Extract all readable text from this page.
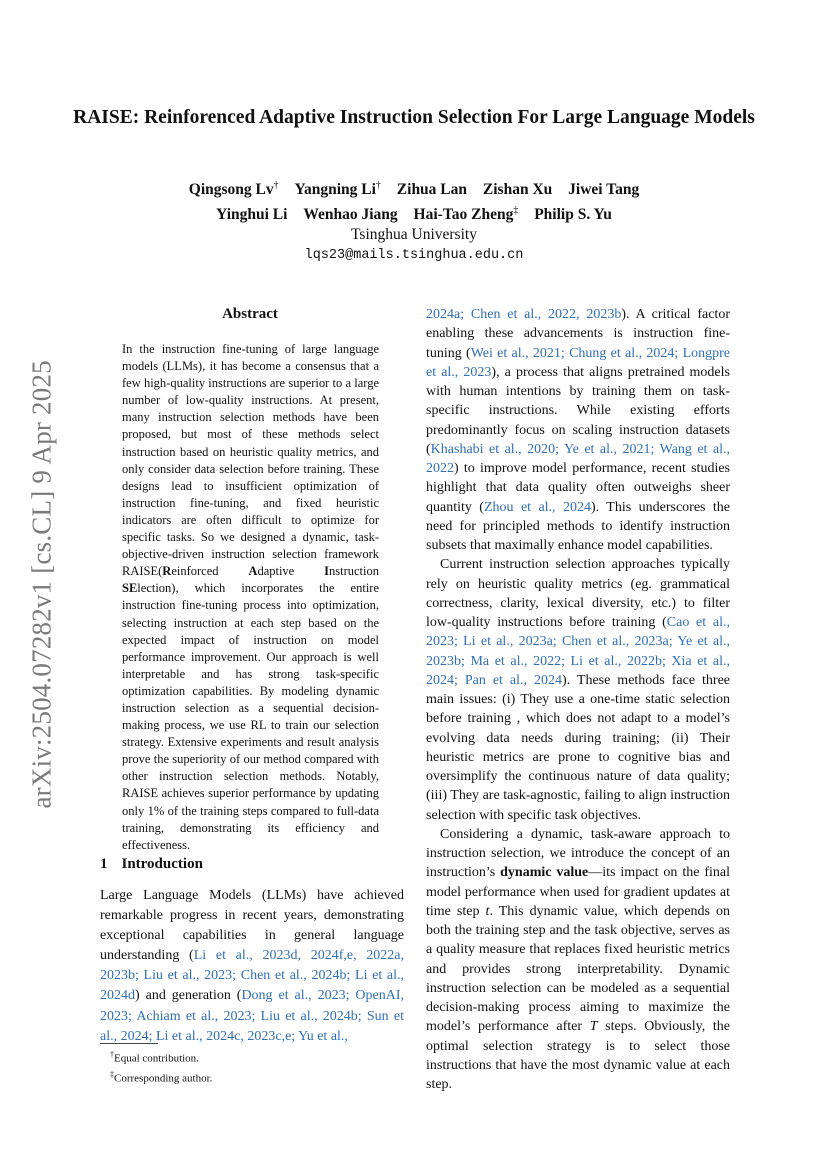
arXiv:2504.07282v1 [cs.CL] 9 Apr 2025
RAISE: Reinforenced Adaptive Instruction Selection For Large Language Models
Qingsong Lv† Yangning Li† Zihua Lan Zishan Xu Jiwei Tang
Yinghui Li Wenhao Jiang Hai-Tao Zheng‡ Philip S. Yu
Tsinghua University
lqs23@mails.tsinghua.edu.cn
Abstract

In the instruction fine-tuning of large language models (LLMs), it has become a consensus that a few high-quality instructions are superior to a large number of low-quality instructions. At present, many instruction selection methods have been proposed, but most of these methods select instruction based on heuristic quality metrics, and only consider data selection before training. These designs lead to insufficient optimization of instruction fine-tuning, and fixed heuristic indicators are often difficult to optimize for specific tasks. So we designed a dynamic, task-objective-driven instruction selection framework RAISE(Reinforced Adaptive Instruction SElection), which incorporates the entire instruction fine-tuning process into optimization, selecting instruction at each step based on the expected impact of instruction on model performance improvement. Our approach is well interpretable and has strong task-specific optimization capabilities. By modeling dynamic instruction selection as a sequential decision-making process, we use RL to train our selection strategy. Extensive experiments and result analysis prove the superiority of our method compared with other instruction selection methods. Notably, RAISE achieves superior performance by updating only 1% of the training steps compared to full-data training, demonstrating its efficiency and effectiveness.

1 Introduction

Large Language Models (LLMs) have achieved remarkable progress in recent years, demonstrating exceptional capabilities in general language understanding (Li et al., 2023d, 2024f,e, 2022a, 2023b; Liu et al., 2023; Chen et al., 2024b; Li et al., 2024d) and generation (Dong et al., 2023; OpenAI, 2023; Achiam et al., 2023; Liu et al., 2024b; Sun et al., 2024; Li et al., 2024c, 2023c,e; Yu et al.,

†Equal contribution.
‡Corresponding author.

2024a; Chen et al., 2022, 2023b). A critical factor enabling these advancements is instruction fine-tuning (Wei et al., 2021; Chung et al., 2024; Longpre et al., 2023), a process that aligns pretrained models with human intentions by training them on task-specific instructions. While existing efforts predominantly focus on scaling instruction datasets (Khashabi et al., 2020; Ye et al., 2021; Wang et al., 2022) to improve model performance, recent studies highlight that data quality often outweighs sheer quantity (Zhou et al., 2024). This underscores the need for principled methods to identify instruction subsets that maximally enhance model capabilities.

Current instruction selection approaches typically rely on heuristic quality metrics (eg. grammatical correctness, clarity, lexical diversity, etc.) to filter low-quality instructions before training (Cao et al., 2023; Li et al., 2023a; Chen et al., 2023a; Ye et al., 2023b; Ma et al., 2022; Li et al., 2022b; Xia et al., 2024; Pan et al., 2024). These methods face three main issues: (i) They use a one-time static selection before training , which does not adapt to a model’s evolving data needs during training; (ii) Their heuristic metrics are prone to cognitive bias and oversimplify the continuous nature of data quality; (iii) They are task-agnostic, failing to align instruction selection with specific task objectives.

Considering a dynamic, task-aware approach to instruction selection, we introduce the concept of an instruction’s dynamic value—its impact on the final model performance when used for gradient updates at time step t. This dynamic value, which depends on both the training step and the task objective, serves as a quality measure that replaces fixed heuristic metrics and provides strong interpretability. Dynamic instruction selection can be modeled as a sequential decision-making process aiming to maximize the model’s performance after T steps. Obviously, the optimal selection strategy is to select those instructions that have the most dynamic value at each step.
